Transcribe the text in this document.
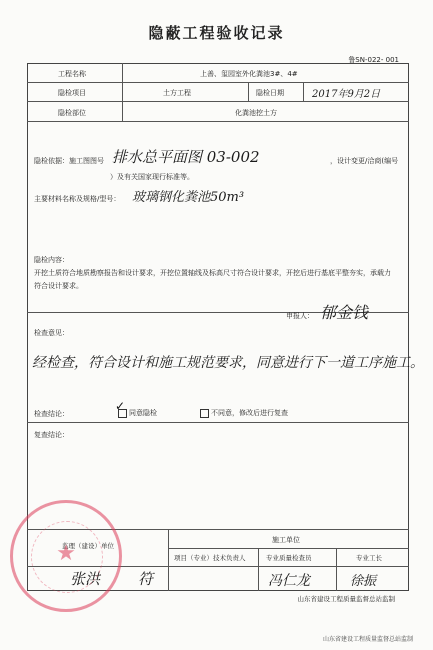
隐蔽工程验收记录
鲁SN-022- 001
工程名称	上善、玺园室外化粪池3#、4#
隐检项目	土方工程	隐检日期	2017年9月2日
隐检部位	化粪池挖土方
隐检依据：施工图图号 排水总平面图 03-002	，设计变更/洽商(编号
）及有关国家现行标准等。
主要材料名称及规格/型号： 玻璃钢化粪池50m³
隐检内容：
开挖土质符合地质勘察报告和设计要求，开挖位置轴线及标高尺寸符合设计要求，开挖后进行基底平整夯实，承载力符合设计要求。
申报人： 郁金钱
检查意见：
经检查，符合设计和施工规范要求，同意进行下一道工序施工。
检查结论：	同意隐检
✓	不同意，修改后进行复查
复查结论：
施工单位
监理（建设）单位
项目（专业）技术负责人	专业质量检查员	专业工长
张洪	符	冯仁龙	徐振
★
山东省建设工程质量监督总站监制
山东省建设工程质量监督总站监制
